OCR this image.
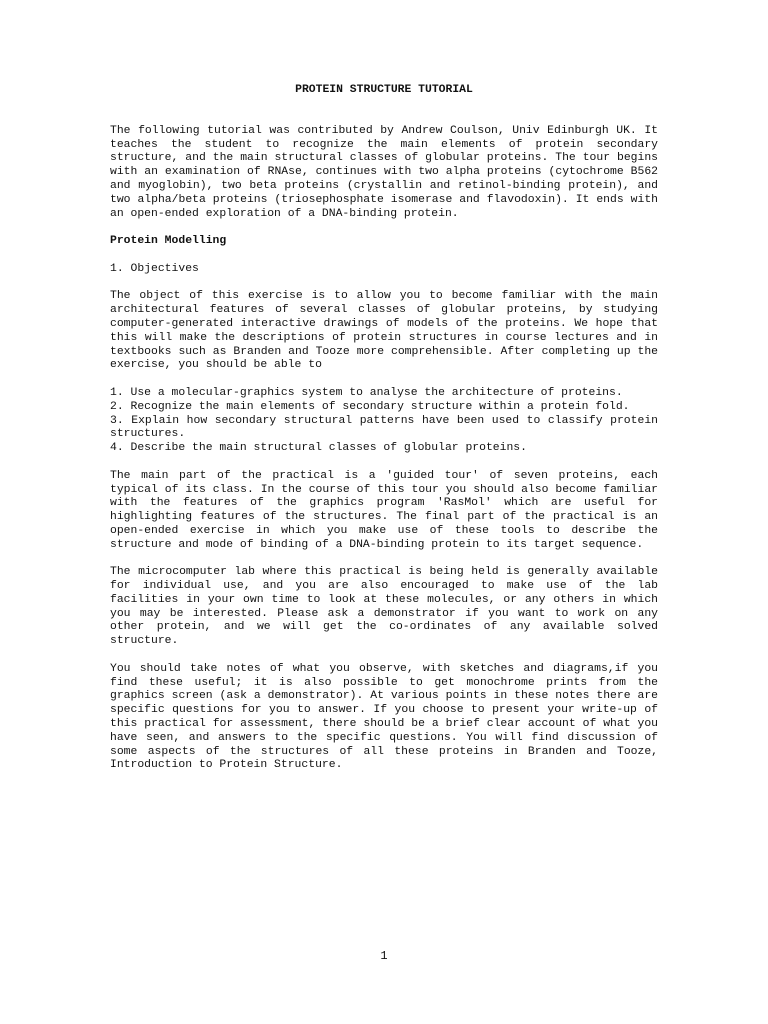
PROTEIN STRUCTURE TUTORIAL

The following tutorial was contributed by Andrew Coulson, Univ Edinburgh UK. It teaches the student to recognize the main elements of protein secondary structure, and the main structural classes of globular proteins. The tour begins with an examination of RNAse, continues with two alpha proteins (cytochrome B562 and myoglobin), two beta proteins (crystallin and retinol-binding protein), and two alpha/beta proteins (triosephosphate isomerase and flavodoxin). It ends with an open-ended exploration of a DNA-binding protein.

Protein Modelling
1. Objectives

The object of this exercise is to allow you to become familiar with the main architectural features of several classes of globular proteins, by studying computer-generated interactive drawings of models of the proteins. We hope that this will make the descriptions of protein structures in course lectures and in textbooks such as Branden and Tooze more comprehensible. After completing up the exercise, you should be able to

1. Use a molecular-graphics system to analyse the architecture of proteins.
2. Recognize the main elements of secondary structure within a protein fold.
3. Explain how secondary structural patterns have been used to classify protein structures.
4. Describe the main structural classes of globular proteins.

The main part of the practical is a 'guided tour' of seven proteins, each typical of its class. In the course of this tour you should also become familiar with the features of the graphics program 'RasMol' which are useful for highlighting features of the structures. The final part of the practical is an open-ended exercise in which you make use of these tools to describe the structure and mode of binding of a DNA-binding protein to its target sequence.

The microcomputer lab where this practical is being held is generally available for individual use, and you are also encouraged to make use of the lab facilities in your own time to look at these molecules, or any others in which you may be interested. Please ask a demonstrator if you want to work on any other protein, and we will get the co-ordinates of any available solved structure.

You should take notes of what you observe, with sketches and diagrams,if you find these useful; it is also possible to get monochrome prints from the graphics screen (ask a demonstrator). At various points in these notes there are specific questions for you to answer. If you choose to present your write-up of this practical for assessment, there should be a brief clear account of what you have seen, and answers to the specific questions. You will find discussion of some aspects of the structures of all these proteins in Branden and Tooze, Introduction to Protein Structure.

1
